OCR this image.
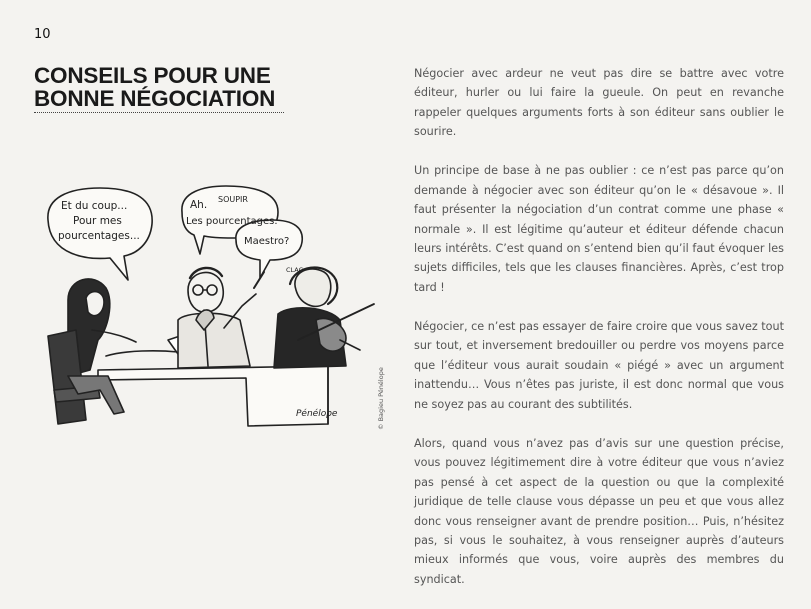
10
CONSEILS POUR UNE
BONNE NÉGOCIATION
Et du coup...
Pour mes
pourcentages...
Ah. SOUPIR
Les pourcentages.
Maestro?
CLAC
Pénélope	© Bagieu Pénélope

Négocier avec ardeur ne veut pas dire se battre avec votre éditeur, hurler ou lui faire la gueule. On peut en revanche rappeler quelques arguments forts à son éditeur sans oublier le sourire.

Un principe de base à ne pas oublier : ce n’est pas parce qu’on demande à négocier avec son éditeur qu’on le « désavoue ». Il faut présenter la négociation d’un contrat comme une phase « normale ». Il est légitime qu’auteur et éditeur défende chacun leurs intérêts. C’est quand on s’entend bien qu’il faut évoquer les sujets difficiles, tels que les clauses financières. Après, c’est trop tard !

Négocier, ce n’est pas essayer de faire croire que vous savez tout sur tout, et inversement bredouiller ou perdre vos moyens parce que l’éditeur vous aurait soudain « piégé » avec un argument inattendu… Vous n’êtes pas juriste, il est donc normal que vous ne soyez pas au courant des subtilités.

Alors, quand vous n’avez pas d’avis sur une question précise, vous pouvez légitimement dire à votre éditeur que vous n’aviez pas pensé à cet aspect de la question ou que la complexité juridique de telle clause vous dépasse un peu et que vous allez donc vous renseigner avant de prendre position… Puis, n’hésitez pas, si vous le souhaitez, à vous renseigner auprès d’auteurs mieux informés que vous, voire auprès des membres du syndicat.
